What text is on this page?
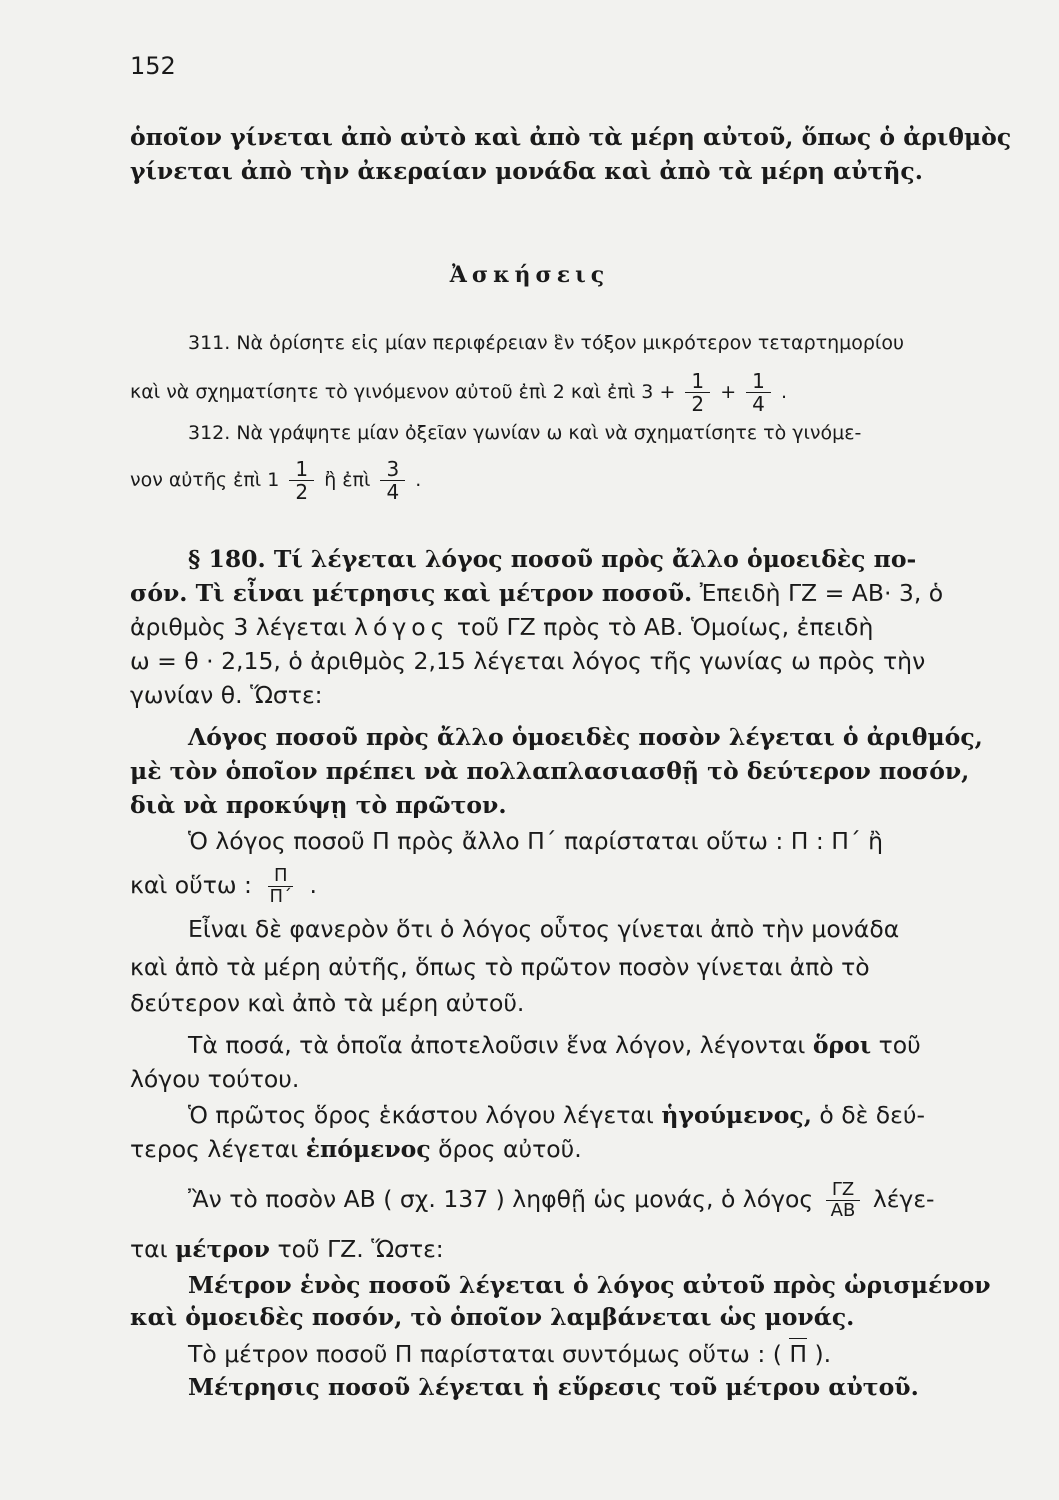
152
ὁποῖον γίνεται ἀπὸ αὐτὸ καὶ ἀπὸ τὰ μέρη αὐτοῦ, ὅπως ὁ ἀριθμὸς
γίνεται ἀπὸ τὴν ἀκεραίαν μονάδα καὶ ἀπὸ τὰ μέρη αὐτῆς.
Ἀσκήσεις
311. Νὰ ὁρίσητε εἰς μίαν περιφέρειαν ἓν τόξον μικρότερον τεταρτημορίου
καὶ νὰ σχηματίσητε τὸ γινόμενον αὐτοῦ ἐπὶ 2 καὶ ἐπὶ $3 + \frac{1}{2} + \frac{1}{4}$ .
312. Νὰ γράψητε μίαν ὀξεῖαν γωνίαν ω καὶ νὰ σχηματίσητε τὸ γινόμε-
νον αὐτῆς ἐπὶ $1 \frac{1}{2}$ ἢ ἐπὶ $\frac{3}{4}$ .
§ 180. Τί λέγεται λόγος ποσοῦ πρὸς ἄλλο ὁμοειδὲς πο-
σόν. Τὶ εἶναι μέτρησις καὶ μέτρον ποσοῦ. Ἐπειδὴ ΓΖ = ΑΒ· 3, ὁ
ἀριθμὸς 3 λέγεται λόγος τοῦ ΓΖ πρὸς τὸ ΑΒ. Ὁμοίως, ἐπειδὴ
ω = θ · 2,15, ὁ ἀριθμὸς 2,15 λέγεται λόγος τῆς γωνίας ω πρὸς τὴν
γωνίαν θ. Ὥστε:
Λόγος ποσοῦ πρὸς ἄλλο ὁμοειδὲς ποσὸν λέγεται ὁ ἀριθμός,
μὲ τὸν ὁποῖον πρέπει νὰ πολλαπλασιασθῇ τὸ δεύτερον ποσόν,
διὰ νὰ προκύψῃ τὸ πρῶτον.
Ὁ λόγος ποσοῦ Π πρὸς ἄλλο Π΄ παρίσταται οὕτω : Π : Π΄ ἢ
καὶ οὕτω : $\frac{\Pi}{\Pi΄}$ .
Εἶναι δὲ φανερὸν ὅτι ὁ λόγος οὗτος γίνεται ἀπὸ τὴν μονάδα
καὶ ἀπὸ τὰ μέρη αὐτῆς, ὅπως τὸ πρῶτον ποσὸν γίνεται ἀπὸ τὸ
δεύτερον καὶ ἀπὸ τὰ μέρη αὐτοῦ.
Τὰ ποσά, τὰ ὁποῖα ἀποτελοῦσιν ἕνα λόγον, λέγονται ὅροι τοῦ
λόγου τούτου.
Ὁ πρῶτος ὅρος ἑκάστου λόγου λέγεται ἡγούμενος, ὁ δὲ δεύ-
τερος λέγεται ἑπόμενος ὅρος αὐτοῦ.
Ἂν τὸ ποσὸν ΑΒ ( σχ. 137 ) ληφθῇ ὡς μονάς, ὁ λόγος $\frac{\Gamma Z}{AB} \lambda έ\gamma\varepsilon-$
ται μέτρον τοῦ ΓΖ. Ὥστε:
Μέτρον ἑνὸς ποσοῦ λέγεται ὁ λόγος αὐτοῦ πρὸς ὡρισμένον
καὶ ὁμοειδὲς ποσόν, τὸ ὁποῖον λαμβάνεται ὡς μονάς.
Τὸ μέτρον ποσοῦ Π παρίσταται συντόμως οὕτω : ( Π ).
Μέτρησις ποσοῦ λέγεται ἡ εὕρεσις τοῦ μέτρου αὐτοῦ.
